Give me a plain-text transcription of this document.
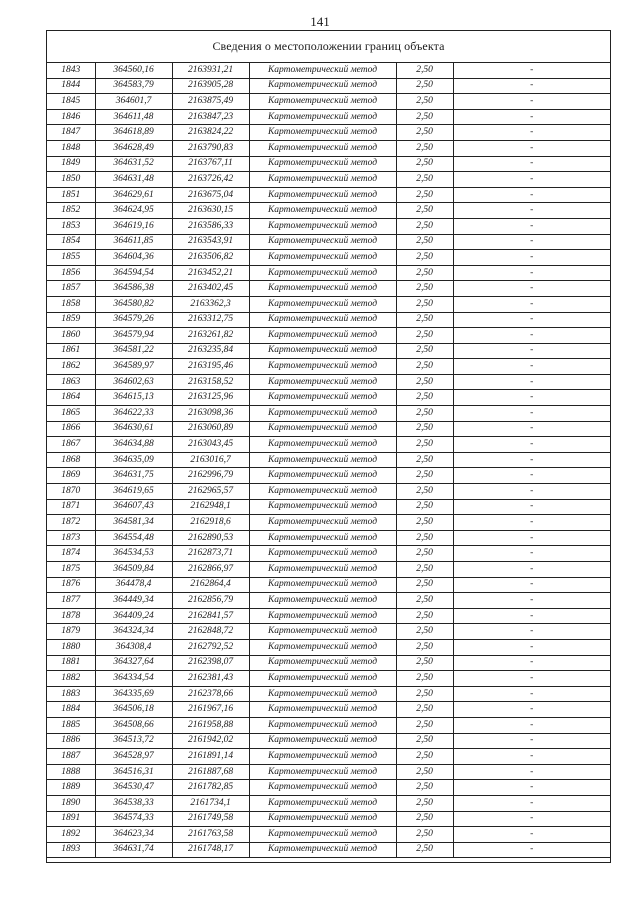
141
Сведения о местоположении границ объекта
1843	364560,16	2163931,21	Картометрический метод	2,50	-
1844	364583,79	2163905,28	Картометрический метод	2,50	-
1845	364601,7	2163875,49	Картометрический метод	2,50	-
1846	364611,48	2163847,23	Картометрический метод	2,50	-
1847	364618,89	2163824,22	Картометрический метод	2,50	-
1848	364628,49	2163790,83	Картометрический метод	2,50	-
1849	364631,52	2163767,11	Картометрический метод	2,50	-
1850	364631,48	2163726,42	Картометрический метод	2,50	-
1851	364629,61	2163675,04	Картометрический метод	2,50	-
1852	364624,95	2163630,15	Картометрический метод	2,50	-
1853	364619,16	2163586,33	Картометрический метод	2,50	-
1854	364611,85	2163543,91	Картометрический метод	2,50	-
1855	364604,36	2163506,82	Картометрический метод	2,50	-
1856	364594,54	2163452,21	Картометрический метод	2,50	-
1857	364586,38	2163402,45	Картометрический метод	2,50	-
1858	364580,82	2163362,3	Картометрический метод	2,50	-
1859	364579,26	2163312,75	Картометрический метод	2,50	-
1860	364579,94	2163261,82	Картометрический метод	2,50	-
1861	364581,22	2163235,84	Картометрический метод	2,50	-
1862	364589,97	2163195,46	Картометрический метод	2,50	-
1863	364602,63	2163158,52	Картометрический метод	2,50	-
1864	364615,13	2163125,96	Картометрический метод	2,50	-
1865	364622,33	2163098,36	Картометрический метод	2,50	-
1866	364630,61	2163060,89	Картометрический метод	2,50	-
1867	364634,88	2163043,45	Картометрический метод	2,50	-
1868	364635,09	2163016,7	Картометрический метод	2,50	-
1869	364631,75	2162996,79	Картометрический метод	2,50	-
1870	364619,65	2162965,57	Картометрический метод	2,50	-
1871	364607,43	2162948,1	Картометрический метод	2,50	-
1872	364581,34	2162918,6	Картометрический метод	2,50	-
1873	364554,48	2162890,53	Картометрический метод	2,50	-
1874	364534,53	2162873,71	Картометрический метод	2,50	-
1875	364509,84	2162866,97	Картометрический метод	2,50	-
1876	364478,4	2162864,4	Картометрический метод	2,50	-
1877	364449,34	2162856,79	Картометрический метод	2,50	-
1878	364409,24	2162841,57	Картометрический метод	2,50	-
1879	364324,34	2162848,72	Картометрический метод	2,50	-
1880	364308,4	2162792,52	Картометрический метод	2,50	-
1881	364327,64	2162398,07	Картометрический метод	2,50	-
1882	364334,54	2162381,43	Картометрический метод	2,50	-
1883	364335,69	2162378,66	Картометрический метод	2,50	-
1884	364506,18	2161967,16	Картометрический метод	2,50	-
1885	364508,66	2161958,88	Картометрический метод	2,50	-
1886	364513,72	2161942,02	Картометрический метод	2,50	-
1887	364528,97	2161891,14	Картометрический метод	2,50	-
1888	364516,31	2161887,68	Картометрический метод	2,50	-
1889	364530,47	2161782,85	Картометрический метод	2,50	-
1890	364538,33	2161734,1	Картометрический метод	2,50	-
1891	364574,33	2161749,58	Картометрический метод	2,50	-
1892	364623,34	2161763,58	Картометрический метод	2,50	-
1893	364631,74	2161748,17	Картометрический метод	2,50	-
